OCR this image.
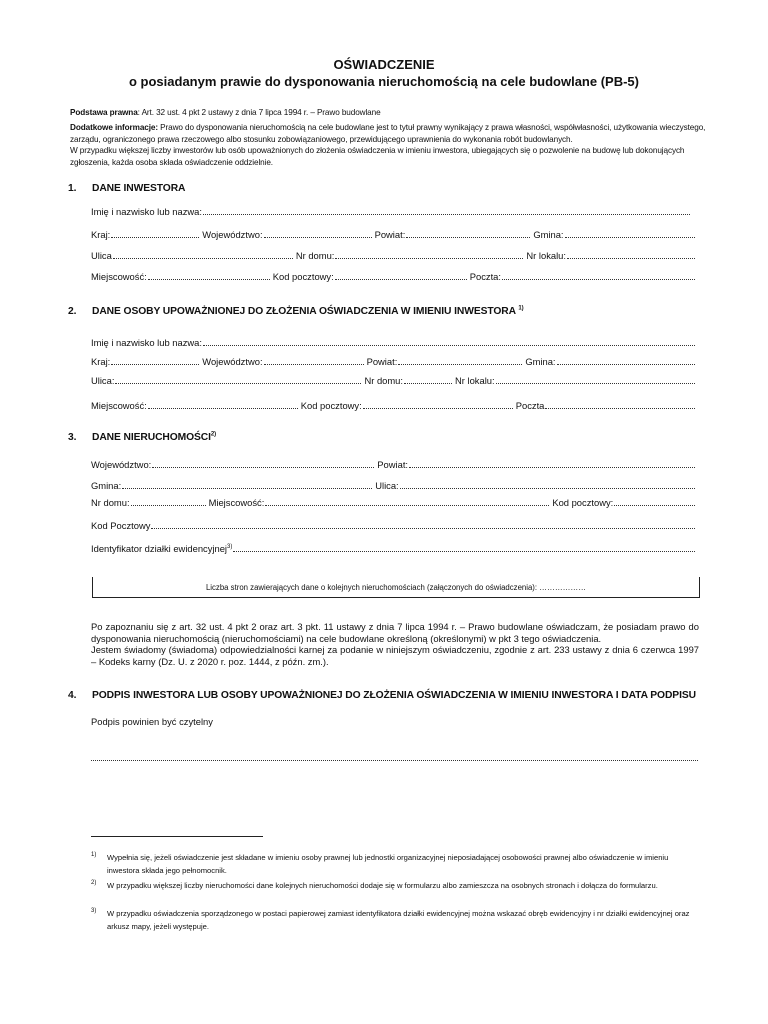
OŚWIADCZENIE
o posiadanym prawie do dysponowania nieruchomością na cele budowlane (PB-5)
Podstawa prawna: Art. 32 ust. 4 pkt 2 ustawy z dnia 7 lipca 1994 r. – Prawo budowlane
Dodatkowe informacje: Prawo do dysponowania nieruchomością na cele budowlane jest to tytuł prawny wynikający z prawa własności, współwłasności, użytkowania wieczystego, zarządu, ograniczonego prawa rzeczowego albo stosunku zobowiązaniowego, przewidującego uprawnienia do wykonania robót budowlanych.
W przypadku większej liczby inwestorów lub osób upoważnionych do złożenia oświadczenia w imieniu inwestora, ubiegających się o pozwolenie na budowę lub dokonujących zgłoszenia, każda osoba składa oświadczenie oddzielnie.
1. DANE INWESTORA
Imię i nazwisko lub nazwa:
Kraj:	Województwo:	Powiat:	Gmina:
Ulica	Nr domu:	Nr lokalu:
Miejscowość:	Kod pocztowy:	Poczta:
2. DANE OSOBY UPOWAŻNIONEJ DO ZŁOŻENIA OŚWIADCZENIA W IMIENIU INWESTORA $^{1)}$
Imię i nazwisko lub nazwa:
Kraj:	Województwo:	Powiat:	Gmina:
Ulica:	Nr domu:	Nr lokalu:
Miejscowość:	Kod pocztowy:	Poczta
3. DANE NIERUCHOMOŚCI$^{2)}$
Województwo:	Powiat:
Gmina:	Ulica:
Nr domu:	Miejscowość:	Kod pocztowy:
Kod Pocztowy
Identyfikator działki ewidencyjnej$^{3)}$
Liczba stron zawierających dane o kolejnych nieruchomościach (załączonych do oświadczenia): ………………
Po zapoznaniu się z art. 32 ust. 4 pkt 2 oraz art. 3 pkt. 11 ustawy z dnia 7 lipca 1994 r. – Prawo budowlane oświadczam, że posiadam prawo do dysponowania nieruchomością (nieruchomościami) na cele budowlane określoną (określonymi) w pkt 3 tego oświadczenia.
Jestem świadomy (świadoma) odpowiedzialności karnej za podanie w niniejszym oświadczeniu, zgodnie z art. 233 ustawy z dnia 6 czerwca 1997 – Kodeks karny (Dz. U. z 2020 r. poz. 1444, z późn. zm.).
4. PODPIS INWESTORA LUB OSOBY UPOWAŻNIONEJ DO ZŁOŻENIA OŚWIADCZENIA W IMIENIU INWESTORA I DATA PODPISU
Podpis powinien być czytelny
1) Wypełnia się, jeżeli oświadczenie jest składane w imieniu osoby prawnej lub jednostki organizacyjnej nieposiadającej osobowości prawnej albo oświadczenie w imieniu inwestora składa jego pełnomocnik.
2) W przypadku większej liczby nieruchomości dane kolejnych nieruchomości dodaje się w formularzu albo zamieszcza na osobnych stronach i dołącza do formularzu.
3) W przypadku oświadczenia sporządzonego w postaci papierowej zamiast identyfikatora działki ewidencyjnej można wskazać obręb ewidencyjny i nr działki ewidencyjnej oraz arkusz mapy, jeżeli występuje.
